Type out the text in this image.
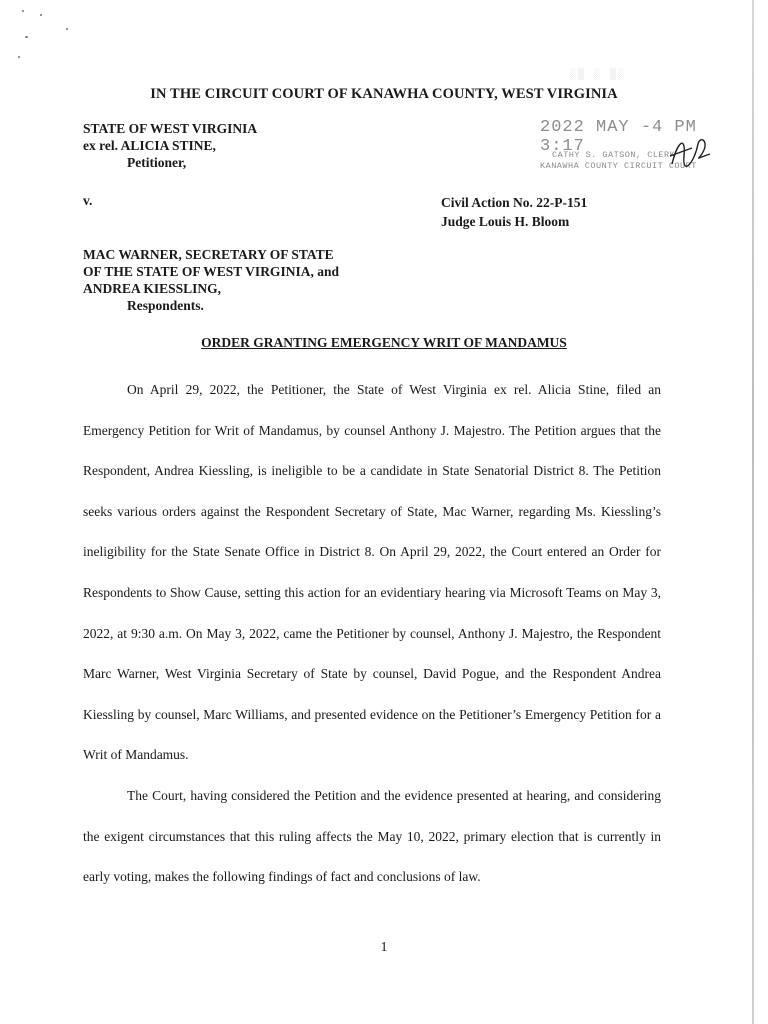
░▒ ░ ▒░
IN THE CIRCUIT COURT OF KANAWHA COUNTY, WEST VIRGINIA
STATE OF WEST VIRGINIA
ex rel. ALICIA STINE,
Petitioner,
2022 MAY -4 PM 3:17
CATHY S. GATSON, CLERK
KANAWHA COUNTY CIRCUIT COURT
v.	Civil Action No. 22-P-151
Judge Louis H. Bloom
MAC WARNER, SECRETARY OF STATE
OF THE STATE OF WEST VIRGINIA, and
ANDREA KIESSLING,
Respondents.
ORDER GRANTING EMERGENCY WRIT OF MANDAMUS

On April 29, 2022, the Petitioner, the State of West Virginia ex rel. Alicia Stine, filed an Emergency Petition for Writ of Mandamus, by counsel Anthony J. Majestro. The Petition argues that the Respondent, Andrea Kiessling, is ineligible to be a candidate in State Senatorial District 8. The Petition seeks various orders against the Respondent Secretary of State, Mac Warner, regarding Ms. Kiessling’s ineligibility for the State Senate Office in District 8. On April 29, 2022, the Court entered an Order for Respondents to Show Cause, setting this action for an evidentiary hearing via Microsoft Teams on May 3, 2022, at 9:30 a.m. On May 3, 2022, came the Petitioner by counsel, Anthony J. Majestro, the Respondent Marc Warner, West Virginia Secretary of State by counsel, David Pogue, and the Respondent Andrea Kiessling by counsel, Marc Williams, and presented evidence on the Petitioner’s Emergency Petition for a Writ of Mandamus.

The Court, having considered the Petition and the evidence presented at hearing, and considering the exigent circumstances that this ruling affects the May 10, 2022, primary election that is currently in early voting, makes the following findings of fact and conclusions of law.

1
